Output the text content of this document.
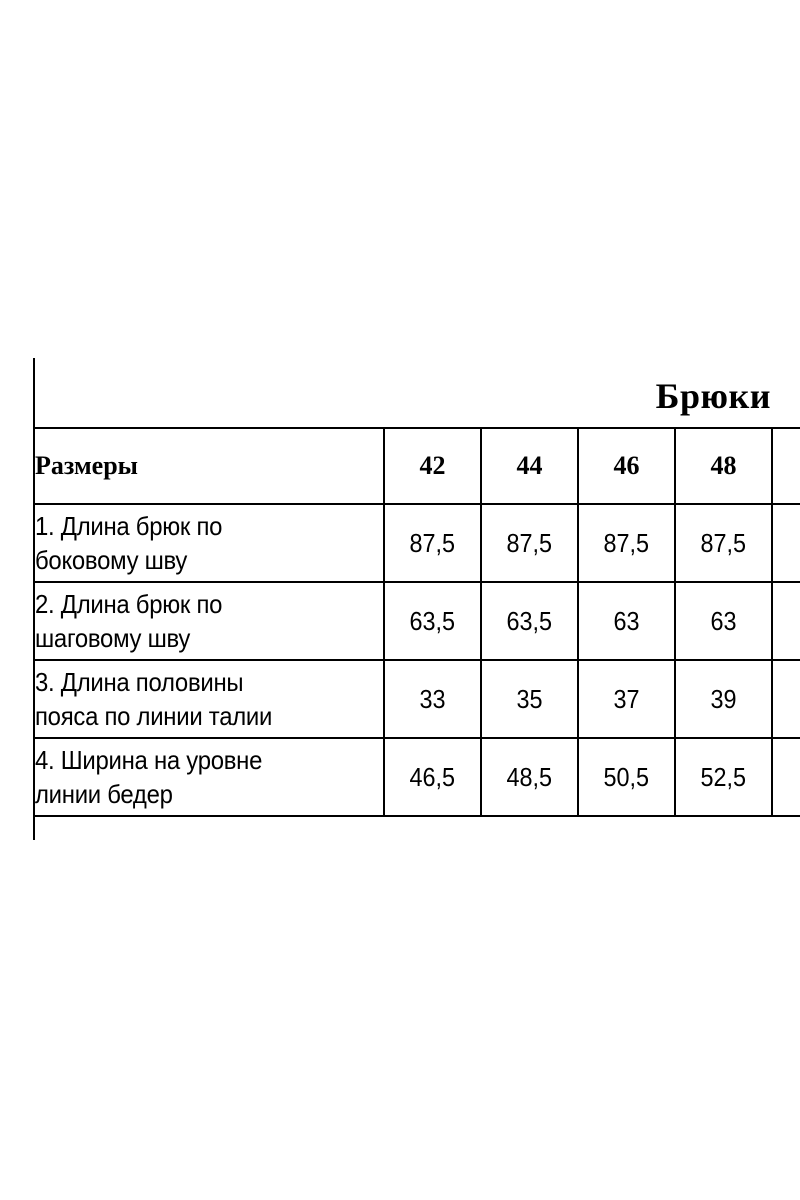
Брюки
Размеры	42	44	46	48	
1. Длина брюк по
боковому шву	87,5	87,5	87,5	87,5	
2. Длина брюк по
шаговому шву	63,5	63,5	63	63	
3. Длина половины
пояса по линии талии	33	35	37	39	
4. Ширина на уровне
линии бедер	46,5	48,5	50,5	52,5	
